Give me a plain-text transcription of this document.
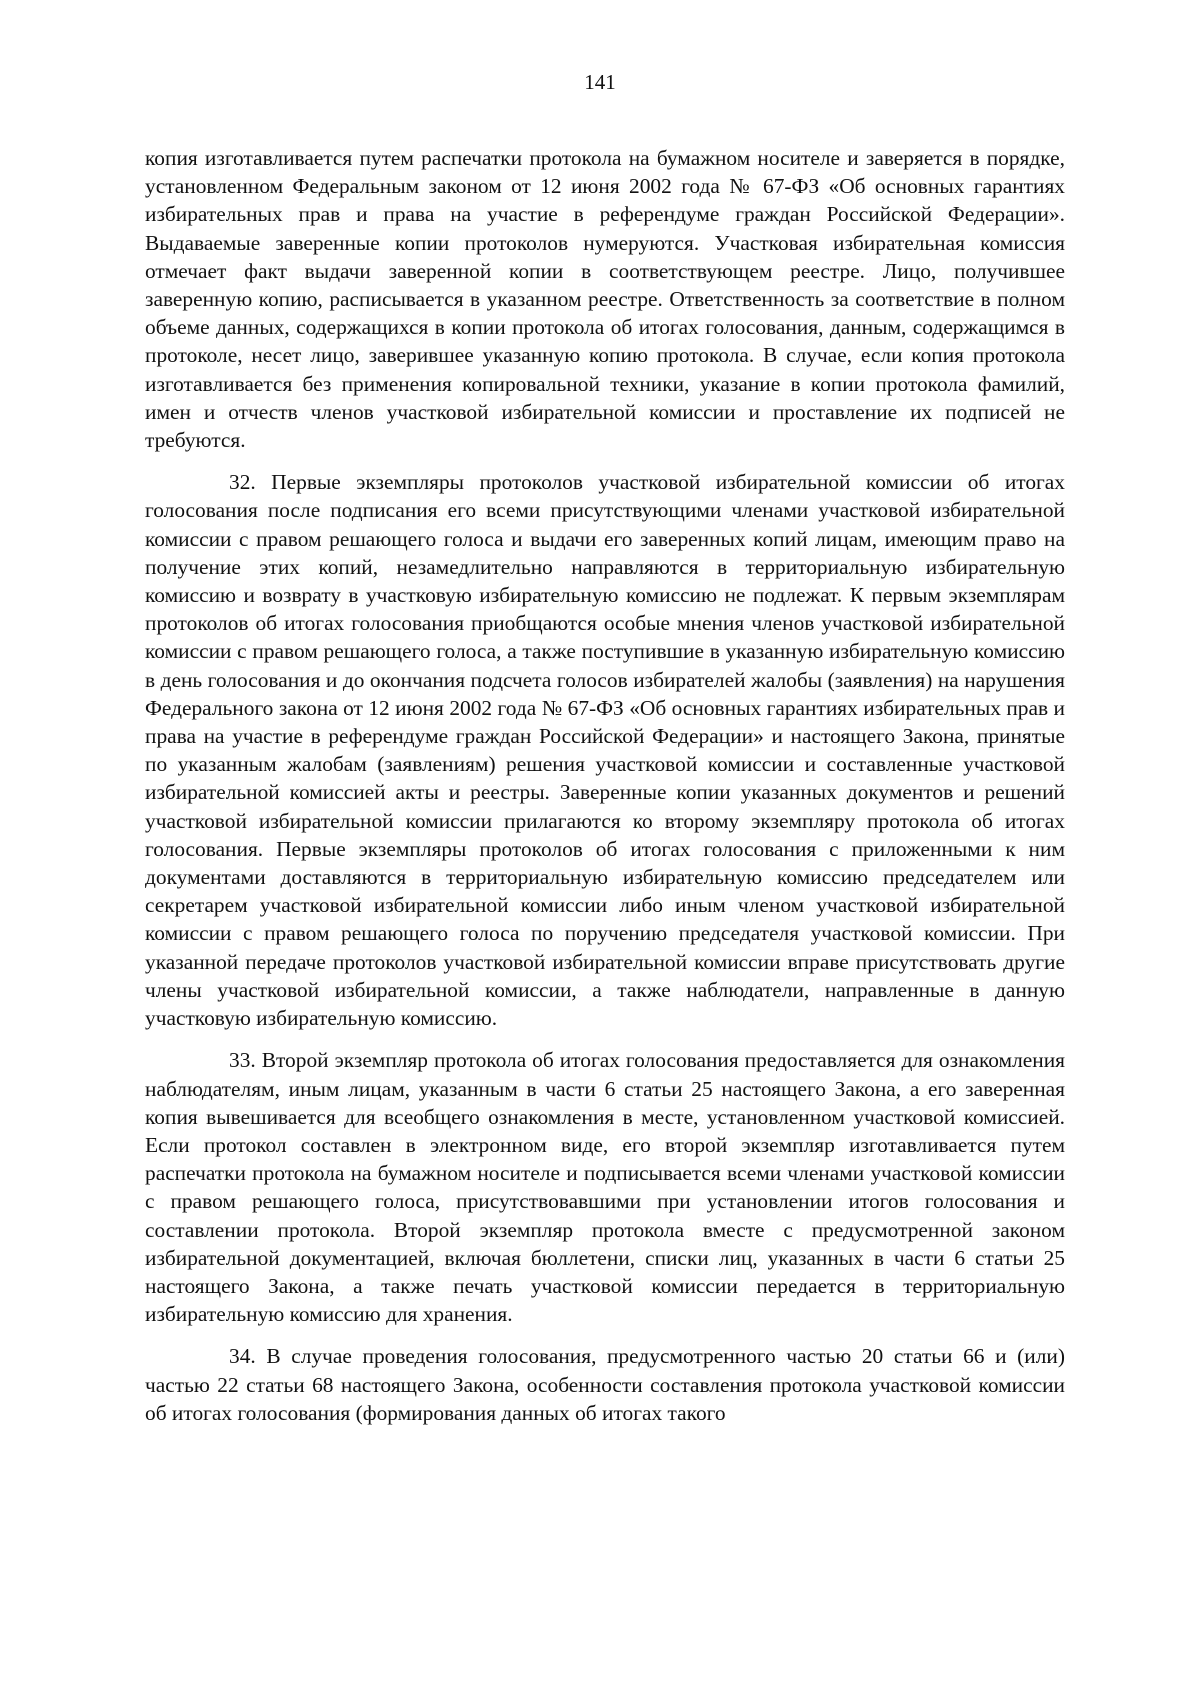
141

копия изготавливается путем распечатки протокола на бумажном носителе и заверяется в порядке, установленном Федеральным законом от 12 июня 2002 года № 67-ФЗ «Об основных гарантиях избирательных прав и права на участие в референдуме граждан Российской Федерации». Выдаваемые заверенные копии протоколов нумеруются. Участковая избирательная комиссия отмечает факт выдачи заверенной копии в соответствующем реестре. Лицо, получившее заверенную копию, расписывается в указанном реестре. Ответственность за соответствие в полном объеме данных, содержащихся в копии протокола об итогах голосования, данным, содержащимся в протоколе, несет лицо, заверившее указанную копию протокола. В случае, если копия протокола изготавливается без применения копировальной техники, указание в копии протокола фамилий, имен и отчеств членов участковой избирательной комиссии и проставление их подписей не требуются.

32. Первые экземпляры протоколов участковой избирательной комиссии об итогах голосования после подписания его всеми присутствующими членами участковой избирательной комиссии с правом решающего голоса и выдачи его заверенных копий лицам, имеющим право на получение этих копий, незамедлительно направляются в территориальную избирательную комиссию и возврату в участковую избирательную комиссию не подлежат. К первым экземплярам протоколов об итогах голосования приобщаются особые мнения членов участковой избирательной комиссии с правом решающего голоса, а также поступившие в указанную избирательную комиссию в день голосования и до окончания подсчета голосов избирателей жалобы (заявления) на нарушения Федерального закона от 12 июня 2002 года № 67-ФЗ «Об основных гарантиях избирательных прав и права на участие в референдуме граждан Российской Федерации» и настоящего Закона, принятые по указанным жалобам (заявлениям) решения участковой комиссии и составленные участковой избирательной комиссией акты и реестры. Заверенные копии указанных документов и решений участковой избирательной комиссии прилагаются ко второму экземпляру протокола об итогах голосования. Первые экземпляры протоколов об итогах голосования с приложенными к ним документами доставляются в территориальную избирательную комиссию председателем или секретарем участковой избирательной комиссии либо иным членом участковой избирательной комиссии с правом решающего голоса по поручению председателя участковой комиссии. При указанной передаче протоколов участковой избирательной комиссии вправе присутствовать другие члены участковой избирательной комиссии, а также наблюдатели, направленные в данную участковую избирательную комиссию.

33. Второй экземпляр протокола об итогах голосования предоставляется для ознакомления наблюдателям, иным лицам, указанным в части 6 статьи 25 настоящего Закона, а его заверенная копия вывешивается для всеобщего ознакомления в месте, установленном участковой комиссией. Если протокол составлен в электронном виде, его второй экземпляр изготавливается путем распечатки протокола на бумажном носителе и подписывается всеми членами участковой комиссии с правом решающего голоса, присутствовавшими при установлении итогов голосования и составлении протокола. Второй экземпляр протокола вместе с предусмотренной законом избирательной документацией, включая бюллетени, списки лиц, указанных в части 6 статьи 25 настоящего Закона, а также печать участковой комиссии передается в территориальную избирательную комиссию для хранения.

34. В случае проведения голосования, предусмотренного частью 20 статьи 66 и (или) частью 22 статьи 68 настоящего Закона, особенности составления протокола участковой комиссии об итогах голосования (формирования данных об итогах такого
